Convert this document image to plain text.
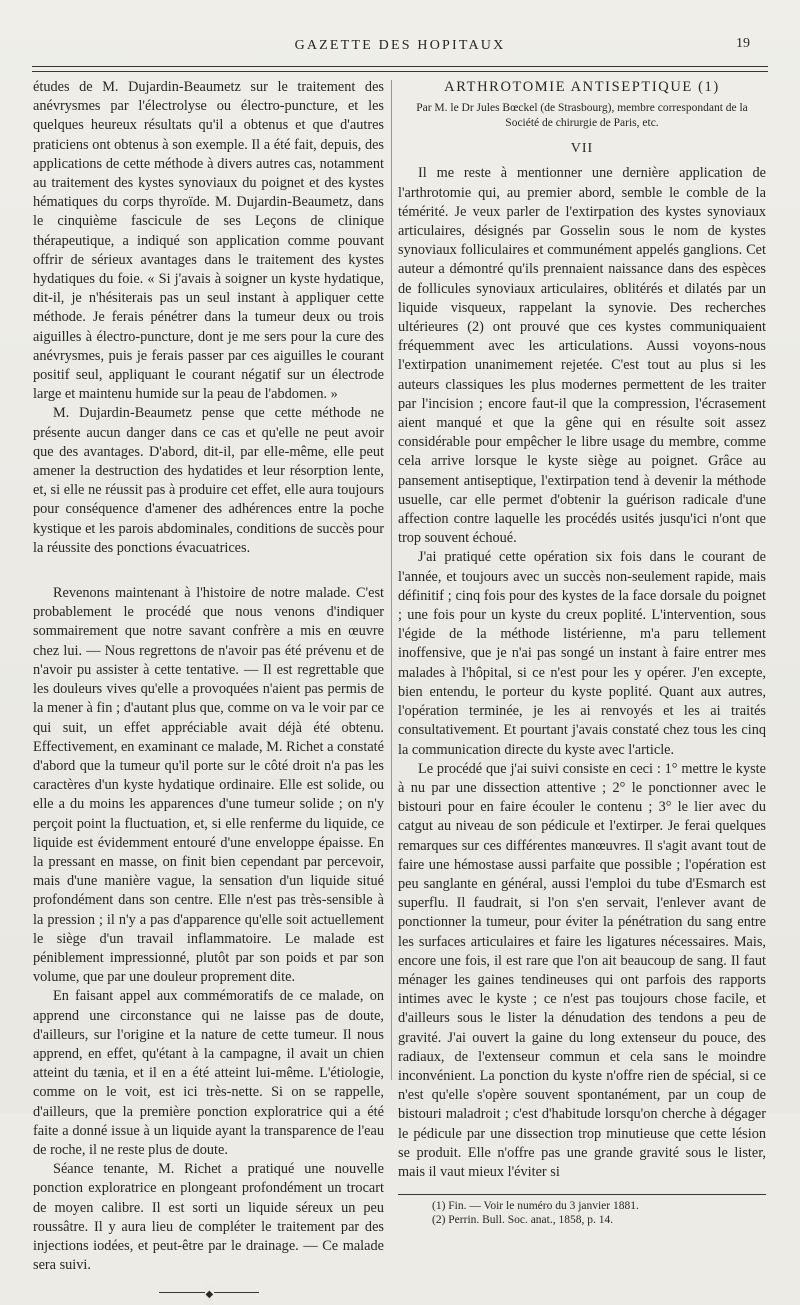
GAZETTE DES HOPITAUX	19

études de M. Dujardin-Beaumetz sur le traitement des anévrysmes par l'électrolyse ou électro-puncture, et les quelques heureux résultats qu'il a obtenus et que d'autres praticiens ont obtenus à son exemple. Il a été fait, depuis, des applications de cette méthode à divers autres cas, notamment au traitement des kystes synoviaux du poignet et des kystes hématiques du corps thyroïde. M. Dujardin-Beaumetz, dans le cinquième fascicule de ses Leçons de clinique thérapeutique, a indiqué son application comme pouvant offrir de sérieux avantages dans le traitement des kystes hydatiques du foie. « Si j'avais à soigner un kyste hydatique, dit-il, je n'hésiterais pas un seul instant à appliquer cette méthode. Je ferais pénétrer dans la tumeur deux ou trois aiguilles à électro-puncture, dont je me sers pour la cure des anévrysmes, puis je ferais passer par ces aiguilles le courant positif seul, appliquant le courant négatif sur un électrode large et maintenu humide sur la peau de l'abdomen. »

M. Dujardin-Beaumetz pense que cette méthode ne présente aucun danger dans ce cas et qu'elle ne peut avoir que des avantages. D'abord, dit-il, par elle-même, elle peut amener la destruction des hydatides et leur résorption lente, et, si elle ne réussit pas à produire cet effet, elle aura toujours pour conséquence d'amener des adhérences entre la poche kystique et les parois abdominales, conditions de succès pour la réussite des ponctions évacuatrices.

Revenons maintenant à l'histoire de notre malade. C'est probablement le procédé que nous venons d'indiquer sommairement que notre savant confrère a mis en œuvre chez lui. — Nous regrettons de n'avoir pas été prévenu et de n'avoir pu assister à cette tentative. — Il est regrettable que les douleurs vives qu'elle a provoquées n'aient pas permis de la mener à fin ; d'autant plus que, comme on va le voir par ce qui suit, un effet appréciable avait déjà été obtenu. Effectivement, en examinant ce malade, M. Richet a constaté d'abord que la tumeur qu'il porte sur le côté droit n'a pas les caractères d'un kyste hydatique ordinaire. Elle est solide, ou elle a du moins les apparences d'une tumeur solide ; on n'y perçoit point la fluctuation, et, si elle renferme du liquide, ce liquide est évidemment entouré d'une enveloppe épaisse. En la pressant en masse, on finit bien cependant par percevoir, mais d'une manière vague, la sensation d'un liquide situé profondément dans son centre. Elle n'est pas très-sensible à la pression ; il n'y a pas d'apparence qu'elle soit actuellement le siège d'un travail inflammatoire. Le malade est péniblement impressionné, plutôt par son poids et par son volume, que par une douleur proprement dite.

En faisant appel aux commémoratifs de ce malade, on apprend une circonstance qui ne laisse pas de doute, d'ailleurs, sur l'origine et la nature de cette tumeur. Il nous apprend, en effet, qu'étant à la campagne, il avait un chien atteint du tænia, et il en a été atteint lui-même. L'étiologie, comme on le voit, est ici très-nette. Si on se rappelle, d'ailleurs, que la première ponction exploratrice qui a été faite a donné issue à un liquide ayant la transparence de l'eau de roche, il ne reste plus de doute.

Séance tenante, M. Richet a pratiqué une nouvelle ponction exploratrice en plongeant profondément un trocart de moyen calibre. Il est sorti un liquide séreux un peu roussâtre. Il y aura lieu de compléter le traitement par des injections iodées, et peut-être par le drainage. — Ce malade sera suivi.

◆
ARTHROTOMIE ANTISEPTIQUE (1)
Par M. le Dr Jules Bœckel (de Strasbourg), membre correspondant de la Société de chirurgie de Paris, etc.
VII

Il me reste à mentionner une dernière application de l'arthrotomie qui, au premier abord, semble le comble de la témérité. Je veux parler de l'extirpation des kystes synoviaux articulaires, désignés par Gosselin sous le nom de kystes synoviaux folliculaires et communément appelés ganglions. Cet auteur a démontré qu'ils prennaient naissance dans des espèces de follicules synoviaux articulaires, oblitérés et dilatés par un liquide visqueux, rappelant la synovie. Des recherches ultérieures (2) ont prouvé que ces kystes communiquaient fréquemment avec les articulations. Aussi voyons-nous l'extirpation unanimement rejetée. C'est tout au plus si les auteurs classiques les plus modernes permettent de les traiter par l'incision ; encore faut-il que la compression, l'écrasement aient manqué et que la gêne qui en résulte soit assez considérable pour empêcher le libre usage du membre, comme cela arrive lorsque le kyste siège au poignet. Grâce au pansement antiseptique, l'extirpation tend à devenir la méthode usuelle, car elle permet d'obtenir la guérison radicale d'une affection contre laquelle les procédés usités jusqu'ici n'ont que trop souvent échoué.

J'ai pratiqué cette opération six fois dans le courant de l'année, et toujours avec un succès non-seulement rapide, mais définitif ; cinq fois pour des kystes de la face dorsale du poignet ; une fois pour un kyste du creux poplité. L'intervention, sous l'égide de la méthode listérienne, m'a paru tellement inoffensive, que je n'ai pas songé un instant à faire entrer mes malades à l'hôpital, si ce n'est pour les y opérer. J'en excepte, bien entendu, le porteur du kyste poplité. Quant aux autres, l'opération terminée, je les ai renvoyés et les ai traités consultativement. Et pourtant j'avais constaté chez tous les cinq la communication directe du kyste avec l'article.

Le procédé que j'ai suivi consiste en ceci : 1° mettre le kyste à nu par une dissection attentive ; 2° le ponctionner avec le bistouri pour en faire écouler le contenu ; 3° le lier avec du catgut au niveau de son pédicule et l'extirper. Je ferai quelques remarques sur ces différentes manœuvres. Il s'agit avant tout de faire une hémostase aussi parfaite que possible ; l'opération est peu sanglante en général, aussi l'emploi du tube d'Esmarch est superflu. Il faudrait, si l'on s'en servait, l'enlever avant de ponctionner la tumeur, pour éviter la pénétration du sang entre les surfaces articulaires et faire les ligatures nécessaires. Mais, encore une fois, il est rare que l'on ait beaucoup de sang. Il faut ménager les gaines tendineuses qui ont parfois des rapports intimes avec le kyste ; ce n'est pas toujours chose facile, et d'ailleurs sous le lister la dénudation des tendons a peu de gravité. J'ai ouvert la gaine du long extenseur du pouce, des radiaux, de l'extenseur commun et cela sans le moindre inconvénient. La ponction du kyste n'offre rien de spécial, si ce n'est qu'elle s'opère souvent spontanément, par un coup de bistouri maladroit ; c'est d'habitude lorsqu'on cherche à dégager le pédicule par une dissection trop minutieuse que cette lésion se produit. Elle n'offre pas une grande gravité sous le lister, mais il vaut mieux l'éviter si

(1) Fin. — Voir le numéro du 3 janvier 1881.

(2) Perrin. Bull. Soc. anat., 1858, p. 14.
